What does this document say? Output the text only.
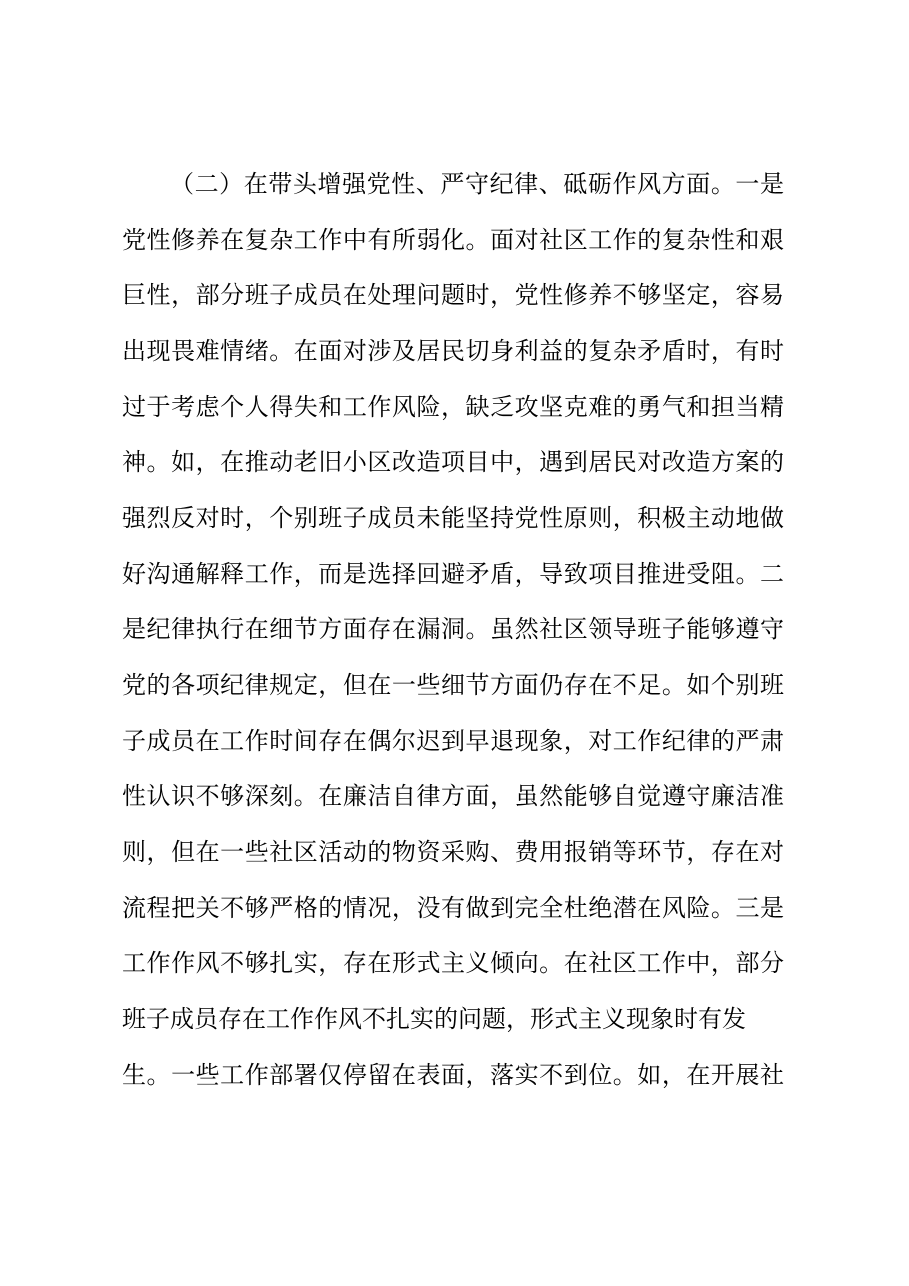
（二）在带头增强党性、严守纪律、砥砺作风方面。一是
党性修养在复杂工作中有所弱化。面对社区工作的复杂性和艰
巨性，部分班子成员在处理问题时，党性修养不够坚定，容易
出现畏难情绪。在面对涉及居民切身利益的复杂矛盾时，有时
过于考虑个人得失和工作风险，缺乏攻坚克难的勇气和担当精
神。如，在推动老旧小区改造项目中，遇到居民对改造方案的
强烈反对时，个别班子成员未能坚持党性原则，积极主动地做
好沟通解释工作，而是选择回避矛盾，导致项目推进受阻。二
是纪律执行在细节方面存在漏洞。虽然社区领导班子能够遵守
党的各项纪律规定，但在一些细节方面仍存在不足。如个别班
子成员在工作时间存在偶尔迟到早退现象，对工作纪律的严肃
性认识不够深刻。在廉洁自律方面，虽然能够自觉遵守廉洁准
则，但在一些社区活动的物资采购、费用报销等环节，存在对
流程把关不够严格的情况，没有做到完全杜绝潜在风险。三是
工作作风不够扎实，存在形式主义倾向。在社区工作中，部分
班子成员存在工作作风不扎实的问题，形式主义现象时有发
生。一些工作部署仅停留在表面，落实不到位。如，在开展社
